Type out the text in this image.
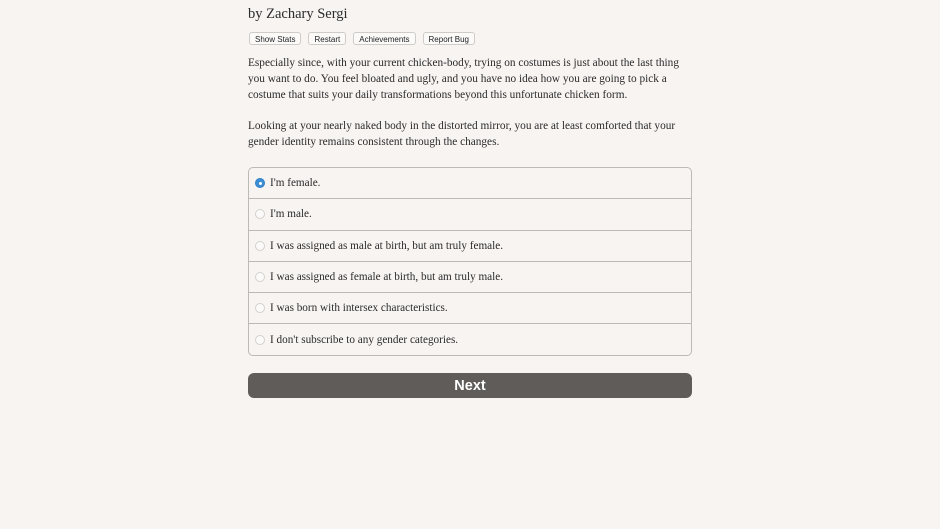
by Zachary Sergi
Show Stats	Restart	Achievements	Report Bug

Especially since, with your current chicken-body, trying on costumes is just about the last thing you want to do. You feel bloated and ugly, and you have no idea how you are going to pick a costume that suits your daily transformations beyond this unfortunate chicken form.

Looking at your nearly naked body in the distorted mirror, you are at least comforted that your gender identity remains consistent through the changes.

I'm female.
I'm male.
I was assigned as male at birth, but am truly female.
I was assigned as female at birth, but am truly male.
I was born with intersex characteristics.
I don't subscribe to any gender categories.
Next
